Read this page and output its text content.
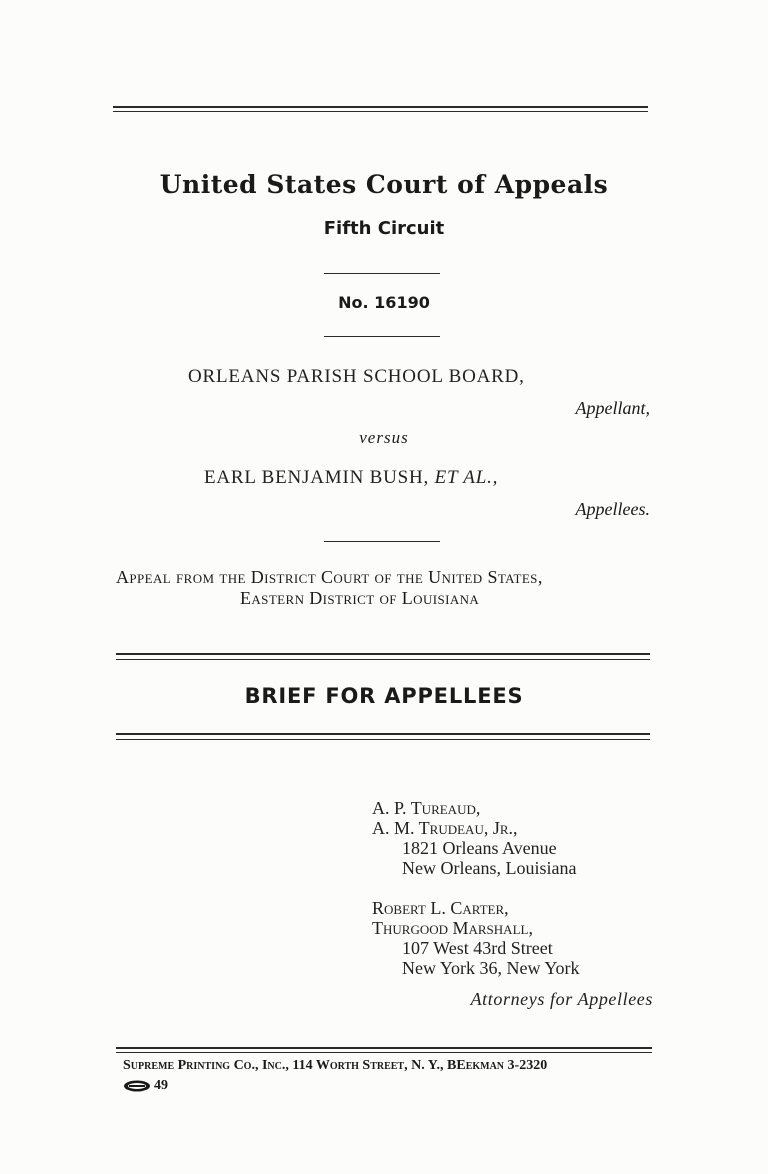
United States Court of Appeals
Fifth Circuit
No. 16190
ORLEANS PARISH SCHOOL BOARD,
Appellant,
versus
EARL BENJAMIN BUSH, ET AL.,
Appellees.
Appeal from the District Court of the United States,
Eastern District of Louisiana
BRIEF FOR APPELLEES
A. P. Tureaud,
A. M. Trudeau, Jr.,
1821 Orleans Avenue
New Orleans, Louisiana
Robert L. Carter,
Thurgood Marshall,
107 West 43rd Street
New York 36, New York
Attorneys for Appellees
Supreme Printing Co., Inc., 114 Worth Street, N. Y., BEekman 3-2320
49
